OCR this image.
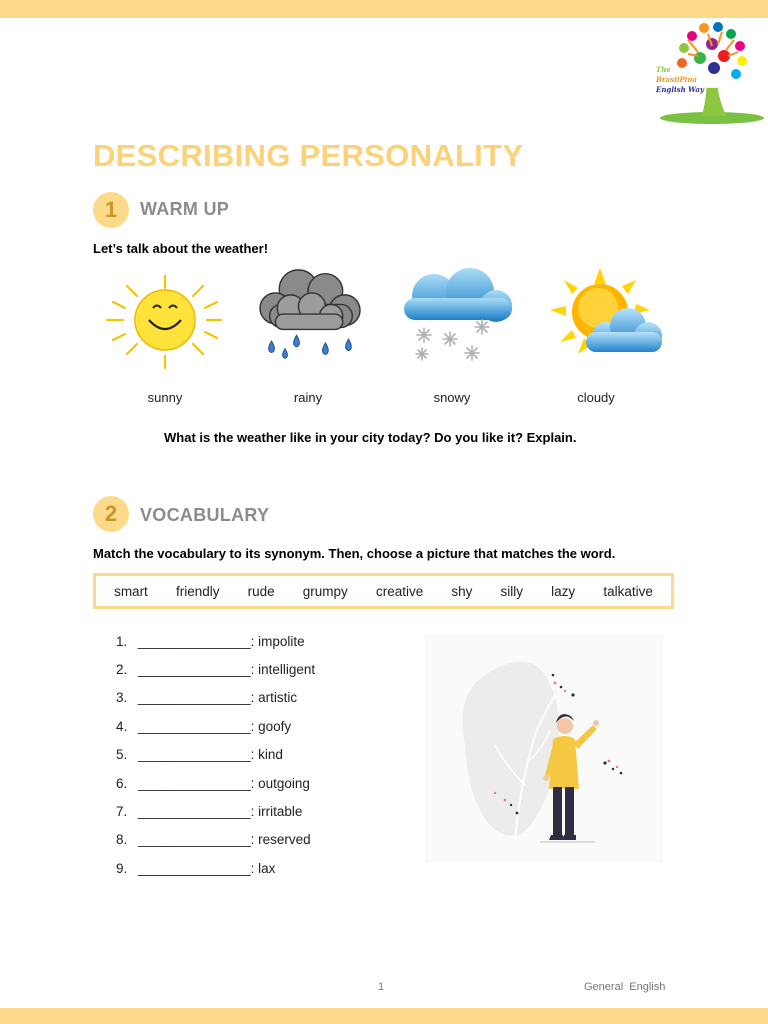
The
BrasilPina
English Way
DESCRIBING PERSONALITY
1	WARM UP
Let’s talk about the weather!
sunny	rainy	snowy	cloudy
What is the weather like in your city today? Do you like it? Explain.
2	VOCABULARY
Match the vocabulary to its synonym. Then, choose a picture that matches the word.
smart friendly rude grumpy creative shy silly lazy talkative
1. _______________ : impolite
2. _______________ : intelligent
3. _______________ : artistic
4. _______________ : goofy
5. _______________ : kind
6. _______________ : outgoing
7. _______________ : irritable
8. _______________ : reserved
9. _______________ : lax
1	General  English
